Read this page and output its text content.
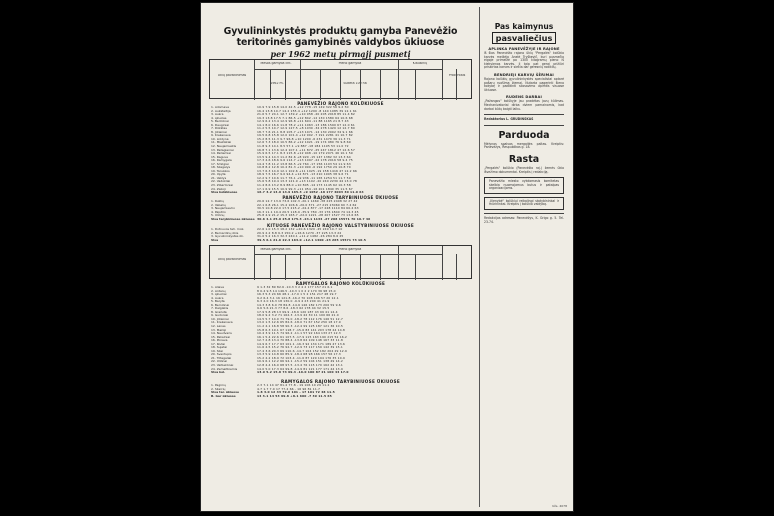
Gyvulininkystės produktų gamyba Panevėžio
teritorinės gamybinės valdybos ūkiuose
per 1962 metų pirmąjį pusmetį
Ūkių pavadinimas
Mėsos gamyba cnt.	Pieno gamyba	Kiaušinių
Procentais
1962 m.	Sudėta 100 ha
PANEVĖŽIO RAJONO KOLŪKIUOSE
1. Adomava	10.9 7.9 15.8 14.0 42.5 +12 778 -15 149 322 56 9.2 50
2. Aukštaitija	16.4 13.8 10.7 14.2 155.4 +12 1200 -8 140 1085 39 12.1 61
3. Aušra	21.6 5.7 24.1 12.7 139.2 +10 958 -20 205 2018 85 11.4 82
4. Ąžuolas	19.3 13.8 17.5 7.1 86.5 +12 842 -12 130 1580 64 10.6 68
5. Berčiūnai	12.9 6.2 13.4 12.9 96.8 +11 694 -11 88 1165 21 8.7 43
6. Dauginiai	14.1 8.0 16.6 11.8 78.2 +11 1063 -13 186 1590 67 12.0 61
7. Dūkštas	11.2 5.5 10.7 12.9 127.5 +8 1030 -34 278 1420 12 12.7 80
8. Jotainiai	18.7 7.6 21.1 8.8 105.7 +13 1071 -14 130 2002 34 9.1 66
9. Krekenava	19.5 6.8 15.8 12.0 101.4 +12 902 -7 191 2281 41 10.7 82
10. Liūdynė	15.2 8.5 11.3 9.7 96.8 +10 1200 -6 231 1470 36 11.3 71
11. Miežiškiai	12.6 7.3 18.0 10.5 86.2 +12 1021 -19 174 980 76 9.8 69
12. Naujamiestis	11.8 9.3 14.1 8.5 57.1 +9 887 -18 184 1195 53 11.0 72
13. Pažagieniai	16.8 7.1 13.6 12.4 107.1 +11 872 -25 247 1812 47 12.6 57
14. Pažiemiai	15.9 6.5 17.1 8.3 115.8 +12 948 -10 179 2071 46 10.1 59
15. Raguva	13.5 9.4 14.3 11.2 82.6 +8 920 -15 147 1382 32 13.3 64
16. Ramygala	17.3 4.6 18.6 9.6 114.7 +13 1097 -22 178 2016 58 9.4 75
17. Smilgiai	14.4 7.8 11.2 13.8 66.5 +9 764 -17 156 1103 54 11.9 63
18. Šilagalys	10.8 8.2 12.8 10.4 81.3 +10 990 -6 192 1750 29 10.8 70
19. Taruškos	13.7 6.3 14.9 12.1 102.6 +11 1025 -19 158 1416 47 12.2 66
20. Upytė	18.9 7.5 16.7 9.0 94.4 +12 871 -13 210 1905 38 9.6 71
21. Velžys	12.2 9.7 10.6 11.7 76.1 +9 936 -11 165 1254 51 11.7 59
22. Vadokliai	15.6 5.8 19.4 13.3 121.9 +13 1102 -20 240 2230 44 13.0 78
23. Žibartoniai	11.4 8.6 13.2 8.9 88.0 +10 805 -14 173 1145 62 10.3 58
24. Žalioji	17.1 6.9 15.5 10.9 99.3 +11 954 -16 201 1840 35 11.5 67
Visa kolūkiuose	16.7 3.2 14.9 14.9 165.3 +9 1052 -18 177 4003 30 11.0 64
PANEVĖŽIO RAJONO TARYBINIUOSE ŪKIUOSE
1. Ruklių	20.6 12.7 13.9 73.6 102.3 -20.1 1469 -38 225 2408 32 27 42
2. Vabalių	22.1 6.8 26.1 15.4 106.6 -20.0 371 -27 215 23060 60 7.4 62
3. Naujamiesčio	30.5 10.8 22.0 17.5 215.2 -24.4 877 -17 248 1110 84 60.4 63
4. Paįstrio	16.3 11.1 19.4 20.5 118.9 -35.9 780 -33 176 1840 74 14.3 45
5. Uliūnų	25.8 4.9 21.2 15.3 165.7 -22.0 1221 -28 207 1527 73 13.6 65
Visa tarybiniuose ūkiuose 30.6 4.1 25.9 25.8 175.3 -24.1 1134 -27 208 15571 70 10.7 46
KITUOSE PANEVĖŽIO RAJONO VALSTYBINIUOSE ŪKIUOSE
1. Dotnuvos teh. mok.	22.6 1.0 15.3 18.2 132 +20.6 1320 -45 249 10.7 10
2. Bernardinų ūkis	20.9 2.2 8.8 9.3 150.2 +16.6 1270 -37 225 13.3 22
3. Gyvulininkystės ūk.	31.0 5.2 16.3 32.3 240.1 +11.2 1482 -26 284 8.6 45
Visa	39.5 6.1 21.6 22.4 163.0 +12.1 1400 -23 265 15571 73 10.5
Ūkių pavadinimas
Mėsos gamyba cnt.	Pieno gamyba
RAMYGALOS RAJONO KOLŪKIUOSE
1. Aliava	9 1.3 32 89 82.6 -10.3 3 2 4 2 177 157 21 6.1
2. Antanų	8 0.4 9.5 14 146.5 -10.3 1 0 2 2 170 36 98 15.0
3. Ąžuoliai	16.3 5.3 24 66 48.1 -17.0 1 5 2 151 217 48 19.7
4. Aušra	9.2 6.4 3.1 16 121.8 -16.2 70 108 106 57 20 12.1
5. Barytė	6.3 2.0 16.3 18 130.0 -9.9 4 23 200 41 21.9
6. Berniūnai	14.3 3.8 6.0 78 84.8 -14.6 146 182 173 200 59 9.6
7. Dalgiškis	9.6 5.6 21.3 77 8.6 -18.3 62 178 44 32 15.5
8. Gražutė	17.9 5.8 28 13 99.9 -18.6 120 187 43 99 41 14.4
9. Gudoniai	18.0 9.2 3.2 71 162.3 -13.9 42 30 11 100 66 21.0
10. Jotainiai	14.5 5.7 14.0 71 79.0 -18.2 78 112 176 146 51 12.7
11. Krekenava	13.0 1.5 12.6 65 82.6 -18.0 71 67 152 250 18 17.9
12. Lėnas	11.2 4.1 16.8 58 90.3 -12.4 99 125 187 121 36 10.5
13. Mažoji	15.8 6.3 19.1 67 118.7 -15.6 83 141 203 178 44 14.8
14. Naudvaris	10.4 3.9 11.5 74 96.2 -11.1 57 92 164 133 27 12.3
15. Pakalniai	16.1 5.4 22.6 61 107.5 -17.9 115 163 190 215 52 16.2
16. Piniava	12.7 2.8 13.4 70 88.4 -13.8 64 109 148 167 33 11.8
17. Rodai	14.9 6.7 17.7 63 101.1 -16.3 92 134 171 189 47 13.6
18. Sujetai	11.6 4.5 15.2 76 92.7 -12.9 73 117 159 142 39 15.1
19. Šilai	17.4 3.6 20.3 69 110.6 -14.7 104 152 182 204 29 12.9
20. Šventupis	13.3 5.9 14.8 60 85.9 -18.4 68 98 166 157 56 17.3
21. Tiltagaliai	15.2 4.2 18.9 72 103.4 -11.6 87 129 194 176 35 10.9
22. Uliūnai	10.9 6.1 12.2 66 94.1 -15.2 59 104 151 138 49 14.2
23. Vaitiekūnai	12.8 4.4 16.0 68 97.5 -13.4 76 115 170 162 42 13.1
24. Žemaitkiemis	14.0 5.0 17.3 64 99.8 -14.9 81 121 177 171 44 13.9
Visa kol.	13.9 5.2 15.8 74 99.4 -16.0 100 87 21 100 44 17.0
RAMYGALOS RAJONO TARYBINIUOSE ŪKIUOSE
1. Pagirnų	2.3 7.1 14 47 81.4 77.8 - 19 106 10 29 11.4
2. Šilaičių	4.7 1.7 7.0 17 77.4 66 - 16 96 81 11.7
Visa tar. ūkiuose	1.8 3.0 12 43 79.6 101 - 17 101 72 48 11.5
B. Gar ūkiuose	14 3.1 14 53 99.8 +8.1 600 -7 39 11.5 65
Pas kaimynus
pasvaliečius
APLINKA PANEVĖŽYJE IR RAJONE
Iš šios Panevėžio rajono ūkių "Pergalės" kolūkio karvės melžėja Anelė Tryškevič, kuri pusmečio eigoje primelžė po 1300 kilogramų pieno iš kiekvienos karvės. Ji taip pat gerai prižiūri priskirtas karves ir siekia dar geresnių rodiklių.
BENDRIEJI KARVIŲ ŠĖRIMAI
Rajono kolūkių gyvulininkystės specialistai aptarė pašarų ruošimą žiemai. Nutarta pagerinti šieno kokybę ir padidinti silosavimo apimtis visuose ūkiuose.
RUDENS DARBAI
„Pažangos" kolūkyje jau pradėtas javų kūlimas. Mechanizatoriai dirba dviem pamainomis, kad darbai būtų baigti laiku.
Redaktorius L. GRUDINSKAS
Parduoda
Mėlynos spalvos mergaitės paltas. Kreiptis: Panevėžys, Respublikos g. 18.
Rasta
„Pergalės" kolūkio (Panevėžio raj.) žemės ūkio išvežimo dokumentai. Kreiptis į redakciją.
Panevėžio miesto vykdomasis komitetas skelbia nuomojamus butus ir patalpas organizacijoms.
„Vienybė" kolūkiui reikalingi statybininkai ir mūrininkai. Kreiptis į kolūkio valdybą.
Redakcijos adresas: Panevėžys, K. Grigo g. 5. Tel. 23-74.
Užs. 4078
